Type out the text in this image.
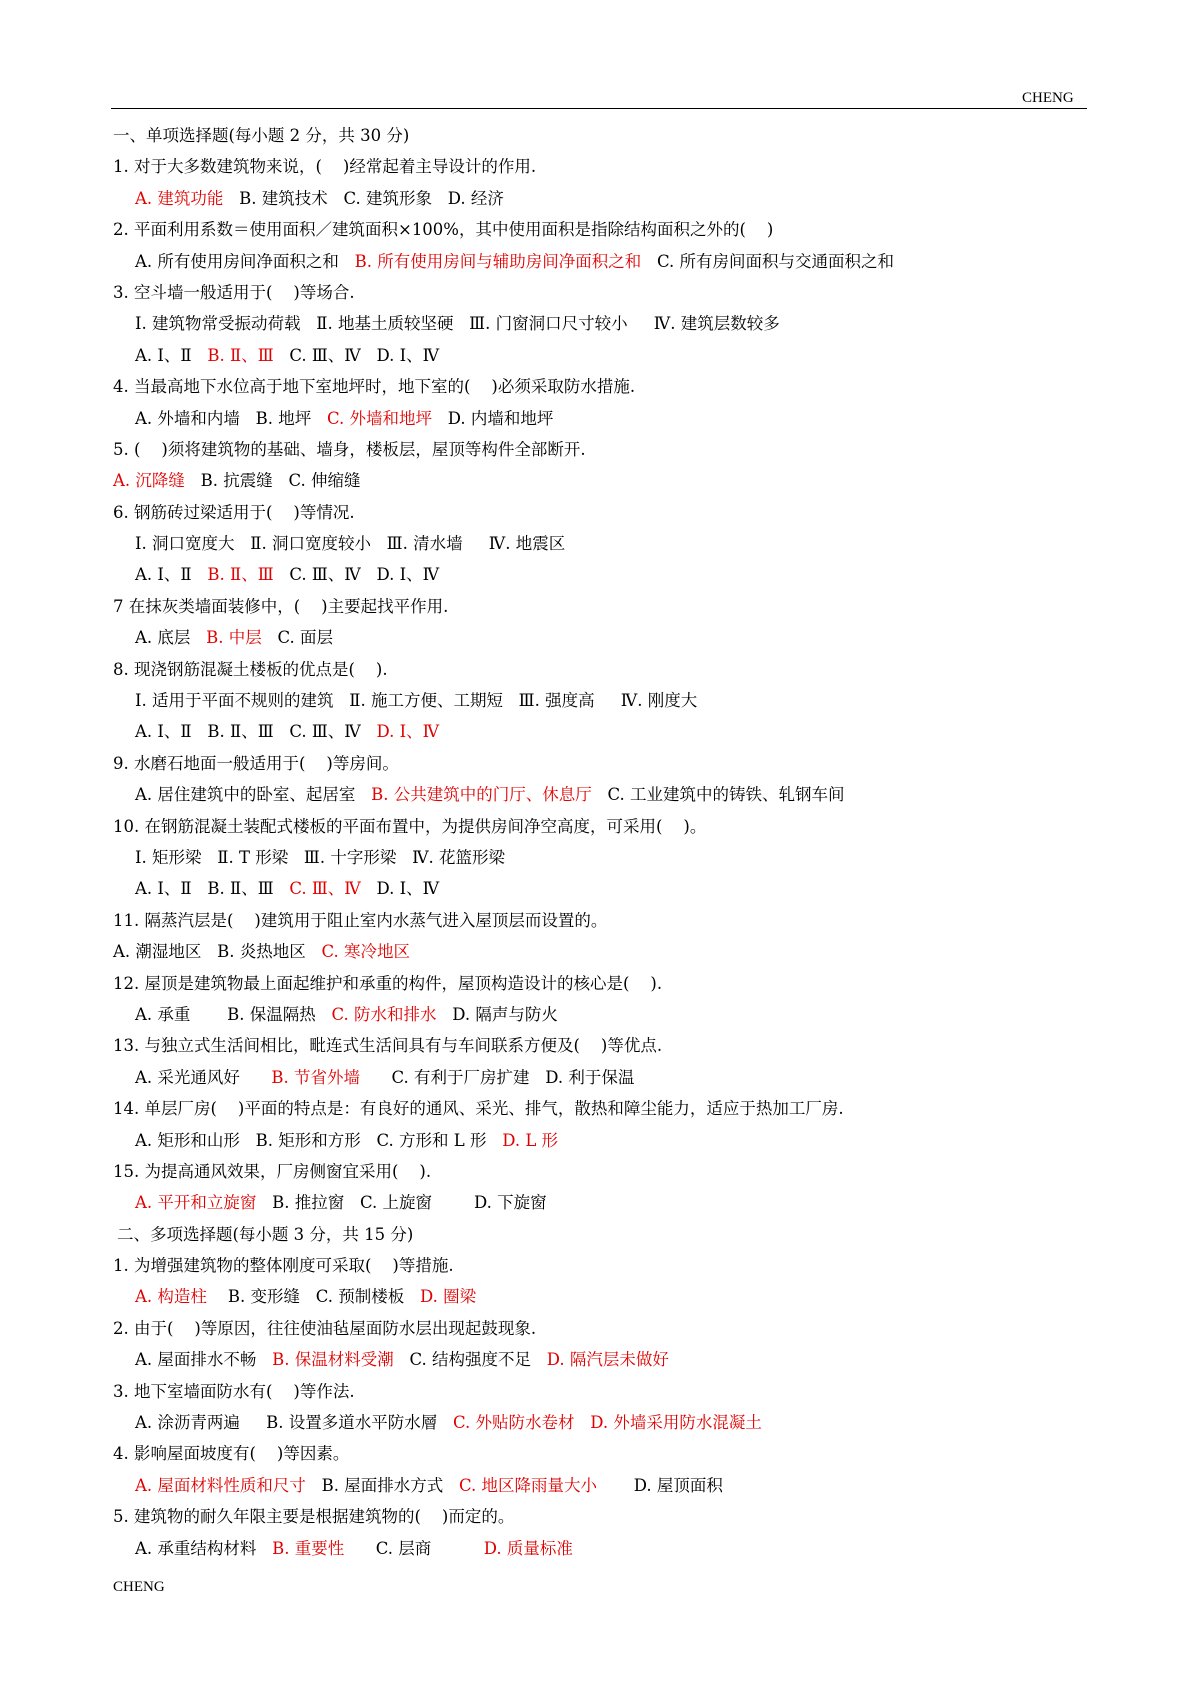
CHENG
一、单项选择题(每小题 2 分，共 30 分)
1. 对于大多数建筑物来说，(    )经常起着主导设计的作用.
A. 建筑功能   B. 建筑技术   C. 建筑形象   D. 经济
2. 平面利用系数＝使用面积／建筑面积×100%，其中使用面积是指除结构面积之外的(    )
A. 所有使用房间净面积之和   B. 所有使用房间与辅助房间净面积之和   C. 所有房间面积与交通面积之和
3. 空斗墙一般适用于(    )等场合.
Ⅰ. 建筑物常受振动荷载   Ⅱ. 地基土质较坚硬   Ⅲ. 门窗洞口尺寸较小     Ⅳ. 建筑层数较多
A. Ⅰ、Ⅱ   B. Ⅱ、Ⅲ   C. Ⅲ、Ⅳ   D. Ⅰ、Ⅳ
4. 当最高地下水位高于地下室地坪时，地下室的(    )必须采取防水措施.
A. 外墙和内墙   B. 地坪   C. 外墙和地坪   D. 内墙和地坪
5. (    )须将建筑物的基础、墙身，楼板层，屋顶等构件全部断开.
A. 沉降缝   B. 抗震缝   C. 伸缩缝
6. 钢筋砖过梁适用于(    )等情况.
Ⅰ. 洞口宽度大   Ⅱ. 洞口宽度较小   Ⅲ. 清水墙     Ⅳ. 地震区
A. Ⅰ、Ⅱ   B. Ⅱ、Ⅲ   C. Ⅲ、Ⅳ   D. Ⅰ、Ⅳ
7 在抹灰类墙面装修中，(    )主要起找平作用.
A. 底层   B. 中层   C. 面层
8. 现浇钢筋混凝土楼板的优点是(    ).
Ⅰ. 适用于平面不规则的建筑   Ⅱ. 施工方便、工期短   Ⅲ. 强度高     Ⅳ. 刚度大
A. Ⅰ、Ⅱ   B. Ⅱ、Ⅲ   C. Ⅲ、Ⅳ   D. Ⅰ、Ⅳ
9. 水磨石地面一般适用于(    )等房间。
A. 居住建筑中的卧室、起居室   B. 公共建筑中的门厅、休息厅   C. 工业建筑中的铸铁、轧钢车间
10. 在钢筋混凝土装配式楼板的平面布置中，为提供房间净空高度，可采用(    )。
Ⅰ. 矩形梁   Ⅱ. T 形梁   Ⅲ. 十字形梁   Ⅳ. 花篮形梁
A. Ⅰ、Ⅱ   B. Ⅱ、Ⅲ   C. Ⅲ、Ⅳ   D. Ⅰ、Ⅳ
11. 隔蒸汽层是(    )建筑用于阻止室内水蒸气进入屋顶层而设置的。
A. 潮湿地区   B. 炎热地区   C. 寒冷地区
12. 屋顶是建筑物最上面起维护和承重的构件，屋顶构造设计的核心是(    ).
A. 承重       B. 保温隔热   C. 防水和排水   D. 隔声与防火
13. 与独立式生活间相比，毗连式生活间具有与车间联系方便及(    )等优点.
A. 采光通风好      B. 节省外墙      C. 有利于厂房扩建   D. 利于保温
14. 单层厂房(    )平面的特点是：有良好的通风、采光、排气，散热和障尘能力，适应于热加工厂房.
A. 矩形和山形   B. 矩形和方形   C. 方形和 L 形   D. L 形
15. 为提高通风效果，厂房侧窗宜采用(    ).
A. 平开和立旋窗   B. 推拉窗   C. 上旋窗        D. 下旋窗
二、多项选择题(每小题 3 分，共 15 分)
1. 为增强建筑物的整体刚度可采取(    )等措施.
A. 构造柱    B. 变形缝   C. 预制楼板   D. 圈梁
2. 由于(    )等原因，往往使油毡屋面防水层出现起鼓现象.
A. 屋面排水不畅   B. 保温材料受潮   C. 结构强度不足   D. 隔汽层未做好
3. 地下室墙面防水有(    )等作法.
A. 涂沥青两遍     B. 设置多道水平防水層   C. 外贴防水卷材 D. 外墙采用防水混凝土
4. 影响屋面坡度有(    )等因素。
A. 屋面材料性质和尺寸   B. 屋面排水方式   C. 地区降雨量大小       D. 屋顶面积
5. 建筑物的耐久年限主要是根据建筑物的(    )而定的。
A. 承重结构材料   B. 重要性      C. 层商          D. 质量标准
CHENG
